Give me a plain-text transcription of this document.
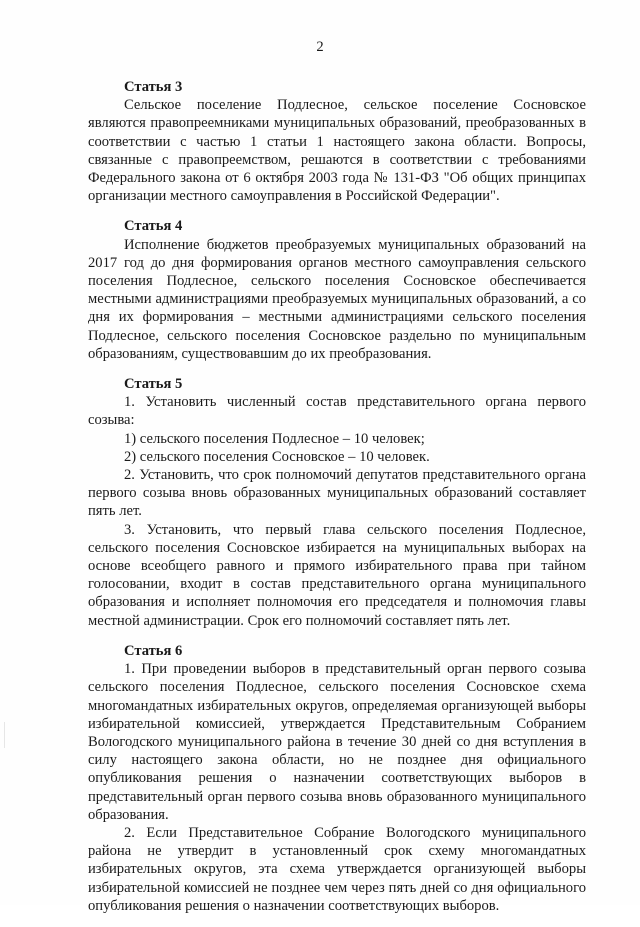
2

Статья 3

Сельское поселение Подлесное, сельское поселение Сосновское являются правопреемниками муниципальных образований, преобразованных в соответствии с частью 1 статьи 1 настоящего закона области. Вопросы, связанные с правопреемством, решаются в соответствии с требованиями Федерального закона от 6 октября 2003 года № 131-ФЗ "Об общих принципах организации местного самоуправления в Российской Федерации".

Статья 4

Исполнение бюджетов преобразуемых муниципальных образований на 2017 год до дня формирования органов местного самоуправления сельского поселения Подлесное, сельского поселения Сосновское обеспечивается местными администрациями преобразуемых муниципальных образований, а со дня их формирования – местными администрациями сельского поселения Подлесное, сельского поселения Сосновское раздельно по муниципальным образованиям, существовавшим до их преобразования.

Статья 5

1. Установить численный состав представительного органа первого созыва:

1) сельского поселения Подлесное – 10 человек;

2) сельского поселения Сосновское – 10 человек.

2. Установить, что срок полномочий депутатов представительного органа первого созыва вновь образованных муниципальных образований составляет пять лет.

3. Установить, что первый глава сельского поселения Подлесное, сельского поселения Сосновское избирается на муниципальных выборах на основе всеобщего равного и прямого избирательного права при тайном голосовании, входит в состав представительного органа муниципального образования и исполняет полномочия его председателя и полномочия главы местной администрации. Срок его полномочий составляет пять лет.

Статья 6

1. При проведении выборов в представительный орган первого созыва сельского поселения Подлесное, сельского поселения Сосновское схема многомандатных избирательных округов, определяемая организующей выборы избирательной комиссией, утверждается Представительным Собранием Вологодского муниципального района в течение 30 дней со дня вступления в силу настоящего закона области, но не позднее дня официального опубликования решения о назначении соответствующих выборов в представительный орган первого созыва вновь образованного муниципального образования.

2. Если Представительное Собрание Вологодского муниципального района не утвердит в установленный срок схему многомандатных избирательных округов, эта схема утверждается организующей выборы избирательной комиссией не позднее чем через пять дней со дня официального опубликования решения о назначении соответствующих выборов.
